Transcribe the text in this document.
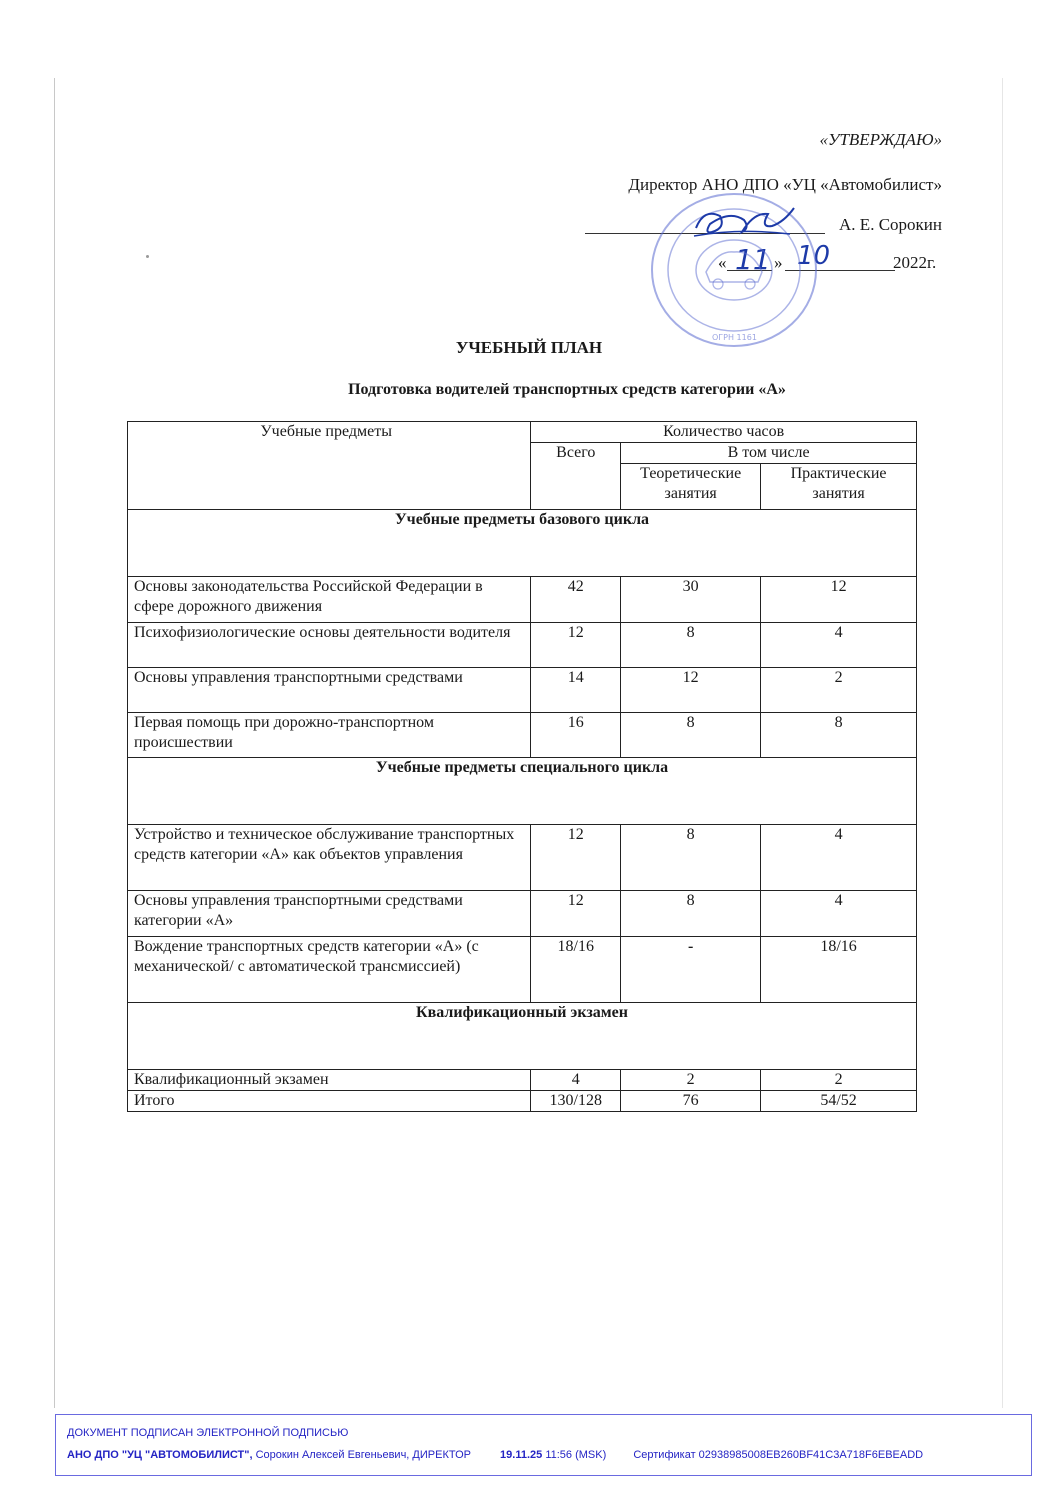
«УТВЕРЖДАЮ»
Директор АНО ДПО «УЦ «Автомобилист»
А. Е. Сорокин
«	»
11 10	2022г.
ОГРН 1161
УЧЕБНЫЙ ПЛАН
Подготовка водителей транспортных средств категории «А»
Учебные предметы	Количество часов		
	Всего	В том числе	
		Теоретические занятия	Практические занятия
Учебные предметы базового цикла			
Основы законодательства Российской Федерации в сфере дорожного движения	42	30	12
Психофизиологические основы деятельности водителя	12	8	4
Основы управления транспортными средствами	14	12	2
Первая помощь при дорожно-транспортном происшествии	16	8	8
Учебные предметы специального цикла			
Устройство и техническое обслуживание транспортных средств категории «А» как объектов управления	12	8	4
Основы управления транспортными средствами категории «А»	12	8	4
Вождение транспортных средств категории «А» (с механической/ с автоматической трансмиссией)	18/16	-	18/16
Квалификационный экзамен			
Квалификационный экзамен	4	2	2
Итого	130/128	76	54/52
ДОКУМЕНТ ПОДПИСАН ЭЛЕКТРОННОЙ ПОДПИСЬЮ
АНО ДПО "УЦ "АВТОМОБИЛИСТ", Сорокин Алексей Евгеньевич, ДИРЕКТОР	19.11.25 11:56 (MSK) Сертификат 02938985008EB260BF41C3A718F6EBEADD
